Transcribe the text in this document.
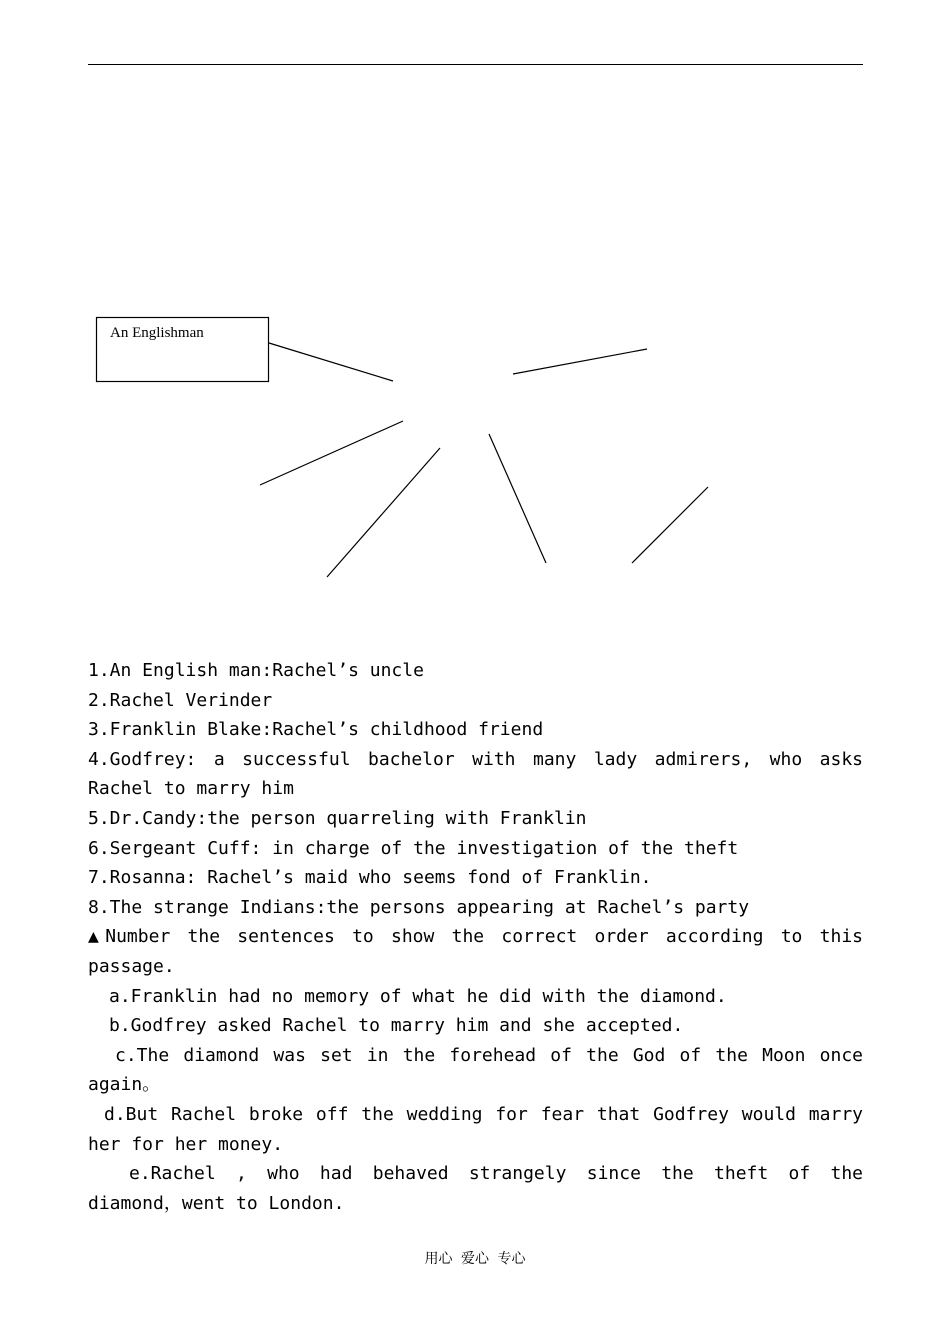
An Englishman
1.An English man:Rachel’s uncle
2.Rachel Verinder
3.Franklin Blake:Rachel’s childhood friend
4.Godfrey: a successful bachelor with many lady admirers, who asks Rachel to marry him
5.Dr.Candy:the person quarreling with Franklin
6.Sergeant Cuff: in charge of the investigation of the theft
7.Rosanna: Rachel’s maid who seems fond of Franklin.
8.The strange Indians:the persons appearing at Rachel’s party
▲Number the sentences to show the correct order according to this passage.
a.Franklin had no memory of what he did with the diamond.
b.Godfrey asked Rachel to marry him and she accepted.
c.The diamond was set in the forehead of the God of the Moon once again。
d.But Rachel broke off the wedding for fear that Godfrey would marry her for her money.
e.Rachel , who had behaved strangely since the theft of the diamond，went to London.
用心 爱心 专心
